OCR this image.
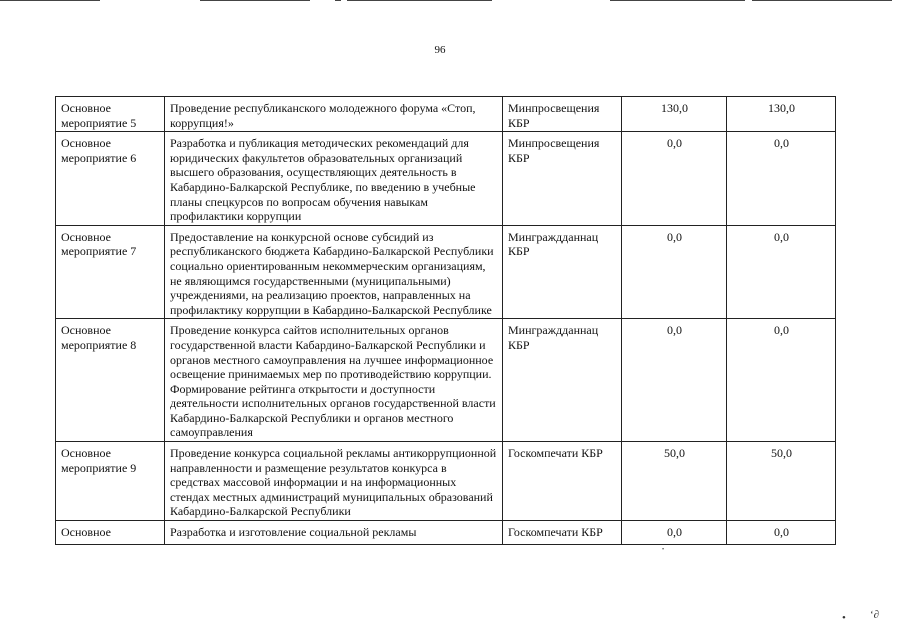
96
Основное мероприятие 5	Проведение республиканского молодежного форума «Стоп, коррупция!»	Минпросвещения КБР	130,0	130,0
Основное мероприятие 6	Разработка и публикация методических рекомендаций для юридических факультетов образовательных организаций высшего образования, осуществляющих деятельность в Кабардино-Балкарской Республике, по введению в учебные планы спецкурсов по вопросам обучения навыкам профилактики коррупции	Минпросвещения КБР	0,0	0,0
Основное мероприятие 7	Предоставление на конкурсной основе субсидий из республиканского бюджета Кабардино-Балкарской Республики социально ориентированным некоммерческим организациям, не являющимся государственными (муниципальными) учреждениями, на реализацию проектов, направленных на профилактику коррупции в Кабардино-Балкарской Республике	Минграждданнац КБР	0,0	0,0
Основное мероприятие 8	Проведение конкурса сайтов исполнительных органов государственной власти Кабардино-Балкарской Республики и органов местного самоуправления на лучшее информационное освещение принимаемых мер по противодействию коррупции. Формирование рейтинга открытости и доступности деятельности исполнительных органов государственной власти Кабардино-Балкарской Республики и органов местного самоуправления	Минграждданнац КБР	0,0	0,0
Основное мероприятие 9	Проведение конкурса социальной рекламы антикоррупционной направленности и размещение результатов конкурса в средствах массовой информации и на информационных стендах местных администраций муниципальных образований Кабардино-Балкарской Республики	Госкомпечати КБР	50,0	50,0
Основное	Разработка и изготовление социальной рекламы	Госкомпечати КБР	0,0	0,0
•
• ʻ∂
